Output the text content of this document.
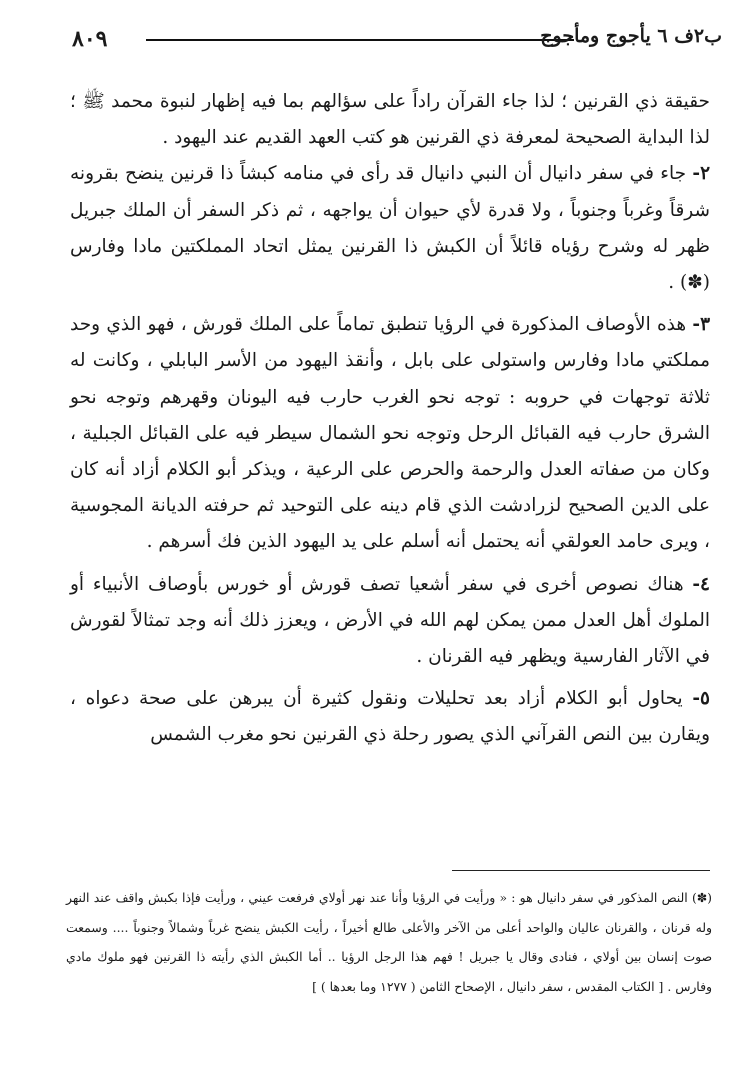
٨٠٩	ب٢ف ٦ يأجوج ومأجوج

حقيقة ذي القرنين ؛ لذا جاء القرآن راداً على سؤالهم بما فيه إظهار لنبوة محمد ﷺ ؛ لذا البداية الصحيحة لمعرفة ذي القرنين هو كتب العهد القديم عند اليهود .

٢- جاء في سفر دانيال أن النبي دانيال قد رأى في منامه كبشاً ذا قرنين ينضح بقرونه شرقاً وغرباً وجنوباً ، ولا قدرة لأي حيوان أن يواجهه ، ثم ذكر السفر أن الملك جبريل ظهر له وشرح رؤياه قائلاً أن الكبش ذا القرنين يمثل اتحاد المملكتين مادا وفارس (✽) .

٣- هذه الأوصاف المذكورة في الرؤيا تنطبق تماماً على الملك قورش ، فهو الذي وحد مملكتي مادا وفارس واستولى على بابل ، وأنقذ اليهود من الأسر البابلي ، وكانت له ثلاثة توجهات في حروبه : توجه نحو الغرب حارب فيه اليونان وقهرهم وتوجه نحو الشرق حارب فيه القبائل الرحل وتوجه نحو الشمال سيطر فيه على القبائل الجبلية ، وكان من صفاته العدل والرحمة والحرص على الرعية ، ويذكر أبو الكلام أزاد أنه كان على الدين الصحيح لزرادشت الذي قام دينه على التوحيد ثم حرفته الديانة المجوسية ، ويرى حامد العولقي أنه يحتمل أنه أسلم على يد اليهود الذين فك أسرهم .

٤- هناك نصوص أخرى في سفر أشعيا تصف قورش أو خورس بأوصاف الأنبياء أو الملوك أهل العدل ممن يمكن لهم الله في الأرض ، ويعزز ذلك أنه وجد تمثالاً لقورش في الآثار الفارسية ويظهر فيه القرنان .

٥- يحاول أبو الكلام أزاد بعد تحليلات ونقول كثيرة أن يبرهن على صحة دعواه ، ويقارن بين النص القرآني الذي يصور رحلة ذي القرنين نحو مغرب الشمس

(✽) النص المذكور في سفر دانيال هو : « ورأيت في الرؤيا وأنا عند نهر أولاي فرفعت عيني ، ورأيت فإذا بكبش واقف عند النهر وله قرنان ، والقرنان عاليان والواحد أعلى من الآخر والأعلى طالع أخيراً ، رأيت الكبش ينضح غرباً وشمالاً وجنوباً .... وسمعت صوت إنسان بين أولاي ، فنادى وقال يا جبريل ! فهم هذا الرجل الرؤيا .. أما الكبش الذي رأيته ذا القرنين فهو ملوك مادي وفارس . [ الكتاب المقدس ، سفر دانيال ، الإصحاح الثامن ( ١٢٧٧ وما بعدها ) ]
